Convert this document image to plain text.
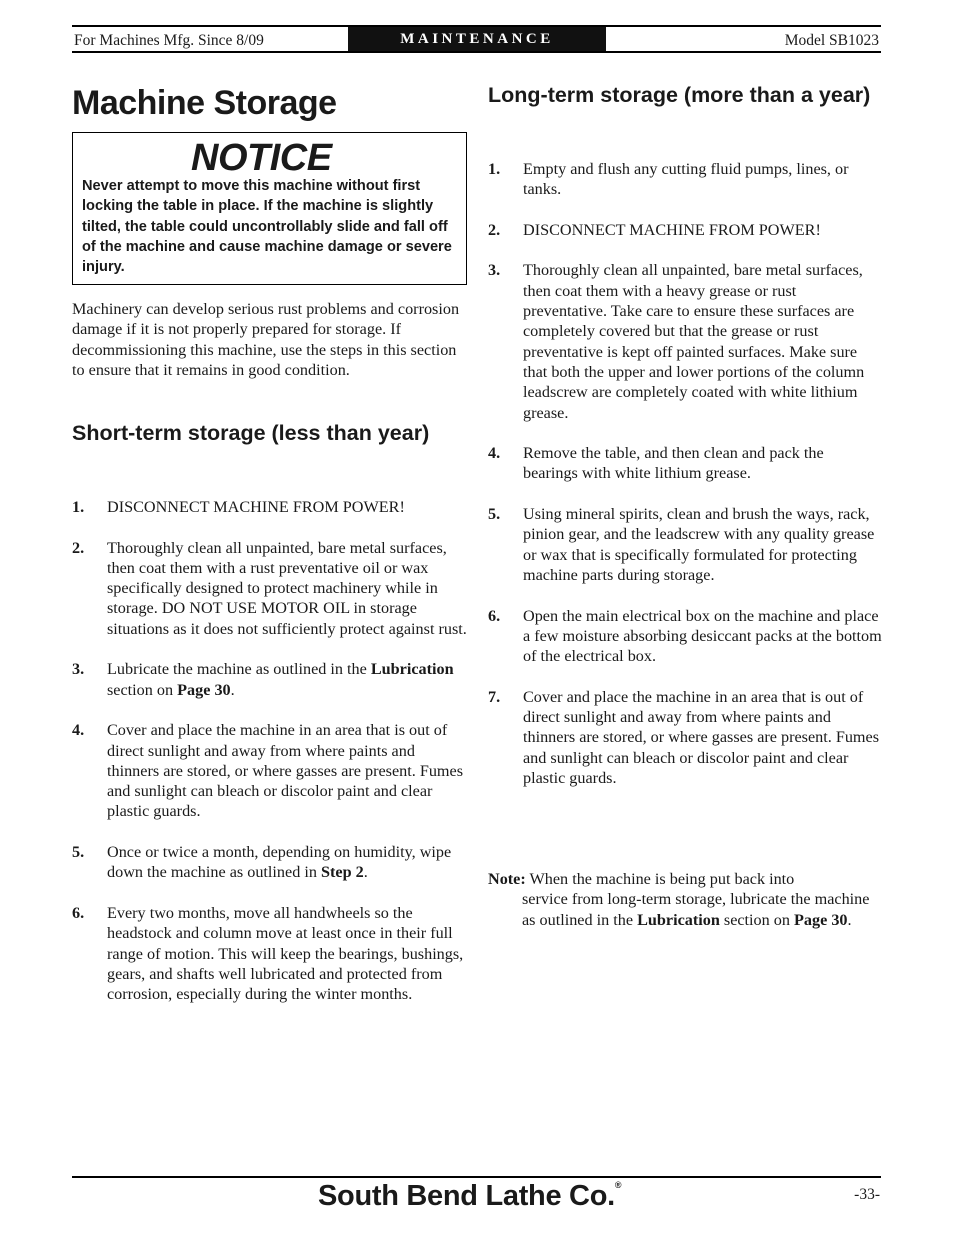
For Machines Mfg. Since 8/09	MAINTENANCE	Model SB1023
Machine Storage
NOTICE

Never attempt to move this machine without first locking the table in place. If the machine is slightly tilted, the table could uncontrollably slide and fall off of the machine and cause machine damage or severe injury.

Machinery can develop serious rust problems and corrosion damage if it is not properly prepared for storage. If decommissioning this machine, use the steps in this section to ensure that it remains in good condition.

Short-term storage (less than year)
1. DISCONNECT MACHINE FROM POWER!
2. Thoroughly clean all unpainted, bare metal surfaces, then coat them with a rust preventative oil or wax specifically designed to protect machinery while in storage. DO NOT USE MOTOR OIL in storage situations as it does not sufficiently protect against rust.
3. Lubricate the machine as outlined in the Lubrication section on Page 30.
4. Cover and place the machine in an area that is out of direct sunlight and away from where paints and thinners are stored, or where gasses are present. Fumes and sunlight can bleach or discolor paint and clear plastic guards.
5. Once or twice a month, depending on humidity, wipe down the machine as outlined in Step 2.
6. Every two months, move all handwheels so the headstock and column move at least once in their full range of motion. This will keep the bearings, bushings, gears, and shafts well lubricated and protected from corrosion, especially during the winter months.
Long-term storage (more than a year)
1. Empty and flush any cutting fluid pumps, lines, or tanks.
2. DISCONNECT MACHINE FROM POWER!
3. Thoroughly clean all unpainted, bare metal surfaces, then coat them with a heavy grease or rust preventative. Take care to ensure these surfaces are completely covered but that the grease or rust preventative is kept off painted surfaces. Make sure that both the upper and lower portions of the column leadscrew are completely coated with white lithium grease.
4. Remove the table, and then clean and pack the bearings with white lithium grease.
5. Using mineral spirits, clean and brush the ways, rack, pinion gear, and the leadscrew with any quality grease or wax that is specifically formulated for protecting machine parts during storage.
6. Open the main electrical box on the machine and place a few moisture absorbing desiccant packs at the bottom of the electrical box.
7. Cover and place the machine in an area that is out of direct sunlight and away from where paints and thinners are stored, or where gasses are present. Fumes and sunlight can bleach or discolor paint and clear plastic guards.
Note: When the machine is being put back into
service from long-term storage, lubricate the machine as outlined in the Lubrication section on Page 30.
South Bend Lathe Co.®
-33-
